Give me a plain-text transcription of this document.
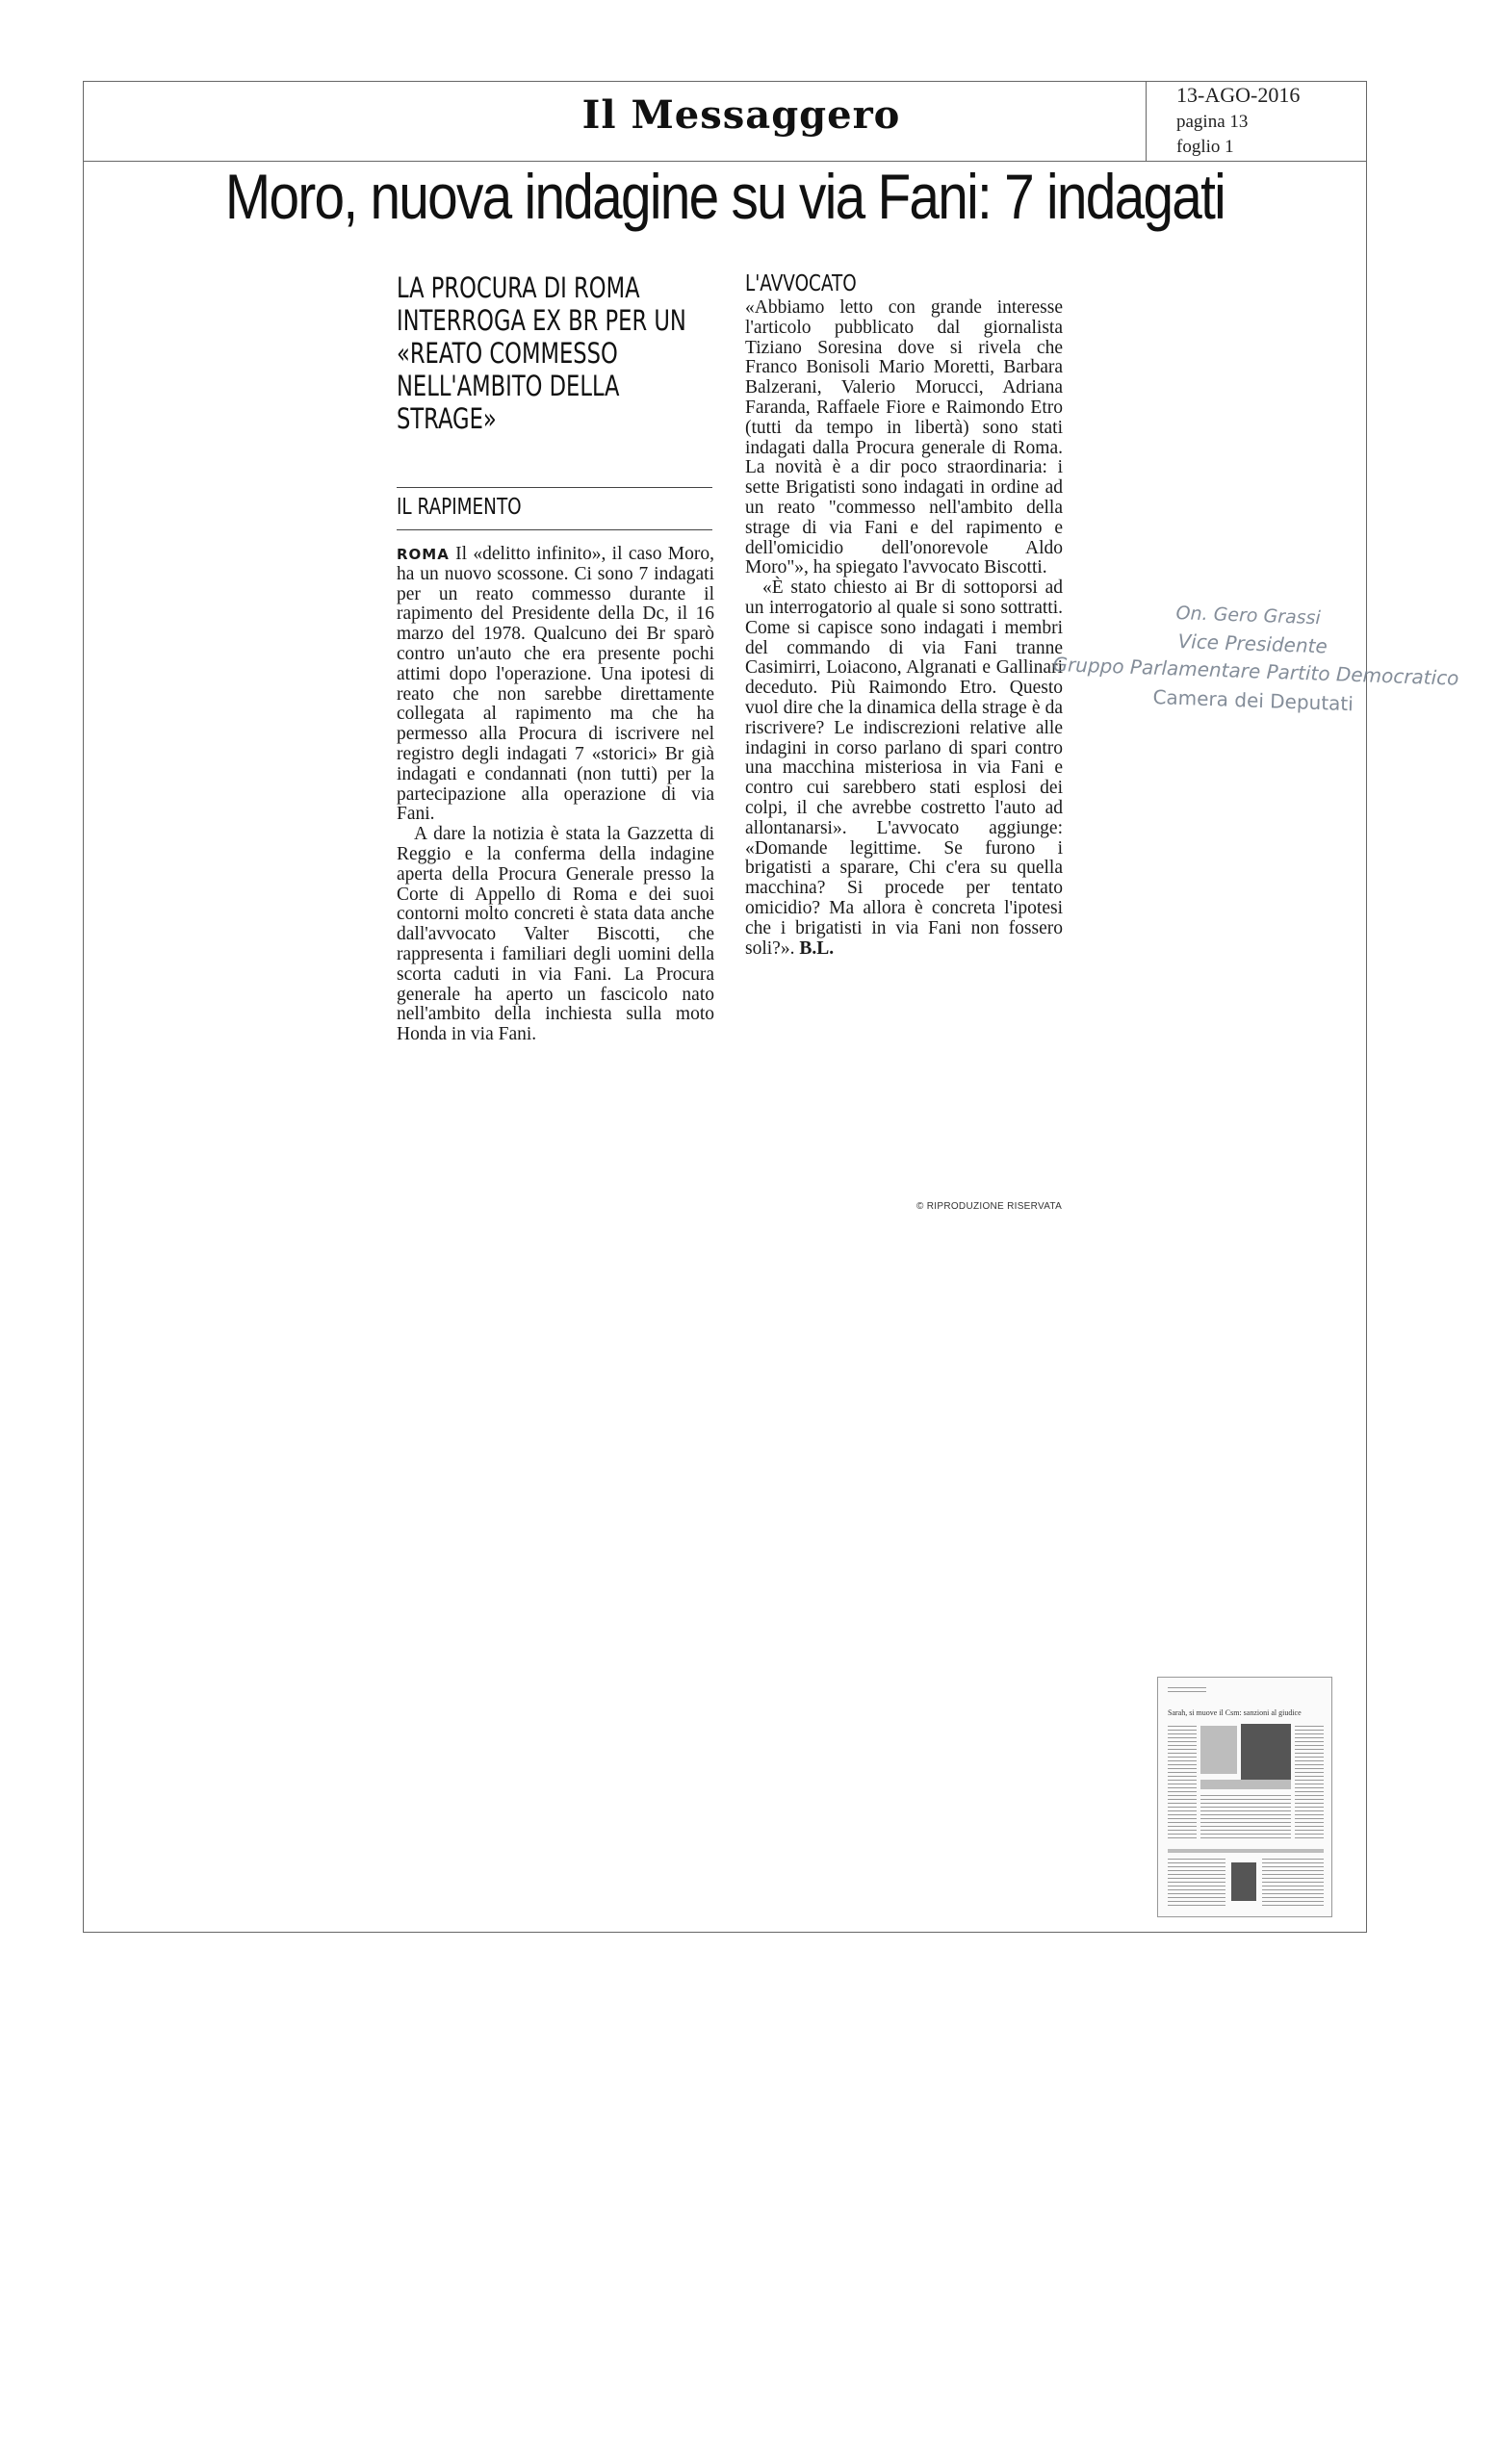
Il Messaggero	13-AGO-2016
pagina 13
foglio 1
Moro, nuova indagine su via Fani: 7 indagati

LA PROCURA DI ROMA INTERROGA EX BR PER UN «REATO COMMESSO NELL'AMBITO DELLA STRAGE»

IL RAPIMENTO

ROMA Il «delitto infinito», il caso Moro, ha un nuovo scossone. Ci sono 7 indagati per un reato commesso durante il rapimento del Presidente della Dc, il 16 marzo del 1978. Qualcuno dei Br sparò contro un'auto che era presente pochi attimi dopo l'operazione. Una ipotesi di reato che non sarebbe direttamente collegata al rapimento ma che ha permesso alla Procura di iscrivere nel registro degli indagati 7 «storici» Br già indagati e condannati (non tutti) per la partecipazione alla operazione di via Fani.

A dare la notizia è stata la Gazzetta di Reggio e la conferma della indagine aperta della Procura Generale presso la Corte di Appello di Roma e dei suoi contorni molto concreti è stata data anche dall'avvocato Valter Biscotti, che rappresenta i familiari degli uomini della scorta caduti in via Fani. La Procura generale ha aperto un fascicolo nato nell'ambito della inchiesta sulla moto Honda in via Fani.

L'AVVOCATO

«Abbiamo letto con grande interesse l'articolo pubblicato dal giornalista Tiziano Soresina dove si rivela che Franco Bonisoli Mario Moretti, Barbara Balzerani, Valerio Morucci, Adriana Faranda, Raffaele Fiore e Raimondo Etro (tutti da tempo in libertà) sono stati indagati dalla Procura generale di Roma. La novità è a dir poco straordinaria: i sette Brigatisti sono indagati in ordine ad un reato "commesso nell'ambito della strage di via Fani e del rapimento e dell'omicidio dell'onorevole Aldo Moro"», ha spiegato l'avvocato Biscotti.

«È stato chiesto ai Br di sottoporsi ad un interrogatorio al quale si sono sottratti. Come si capisce sono indagati i membri del commando di via Fani tranne Casimirri, Loiacono, Algranati e Gallinari deceduto. Più Raimondo Etro. Questo vuol dire che la dinamica della strage è da riscrivere? Le indiscrezioni relative alle indagini in corso parlano di spari contro una macchina misteriosa in via Fani e contro cui sarebbero stati esplosi dei colpi, il che avrebbe costretto l'auto ad allontanarsi». L'avvocato aggiunge: «Domande legittime. Se furono i brigatisti a sparare, Chi c'era su quella macchina? Si procede per tentato omicidio? Ma allora è concreta l'ipotesi che i brigatisti in via Fani non fossero soli?». B.L.

© RIPRODUZIONE RISERVATA
On. Gero Grassi
Vice Presidente
Gruppo Parlamentare Partito Democratico
Camera dei Deputati
Sarah, si muove il Csm: sanzioni al giudice
